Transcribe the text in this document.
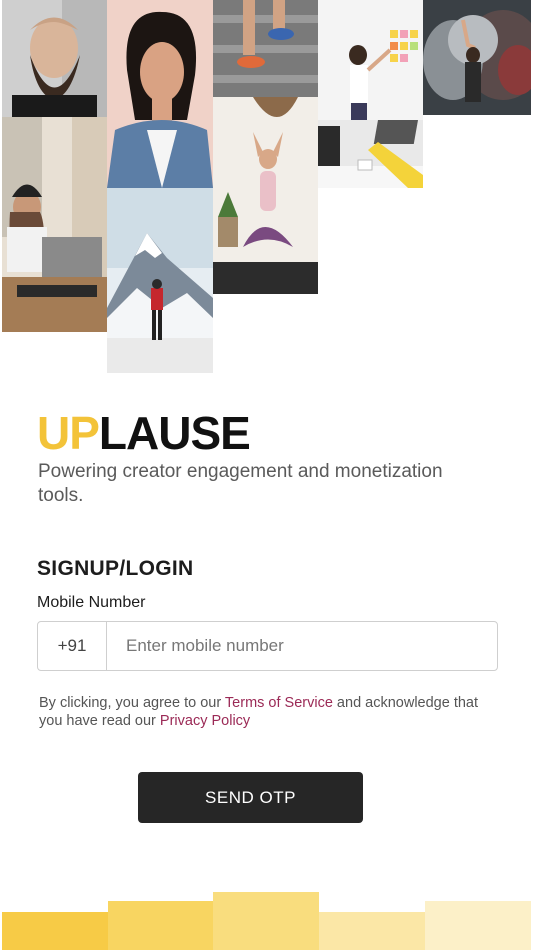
UPLAUSE
Powering creator engagement and monetization tools.
SIGNUP/LOGIN
Mobile Number
+91
Enter mobile number
By clicking, you agree to our Terms of Service and acknowledge that you have read our Privacy Policy
SEND OTP
